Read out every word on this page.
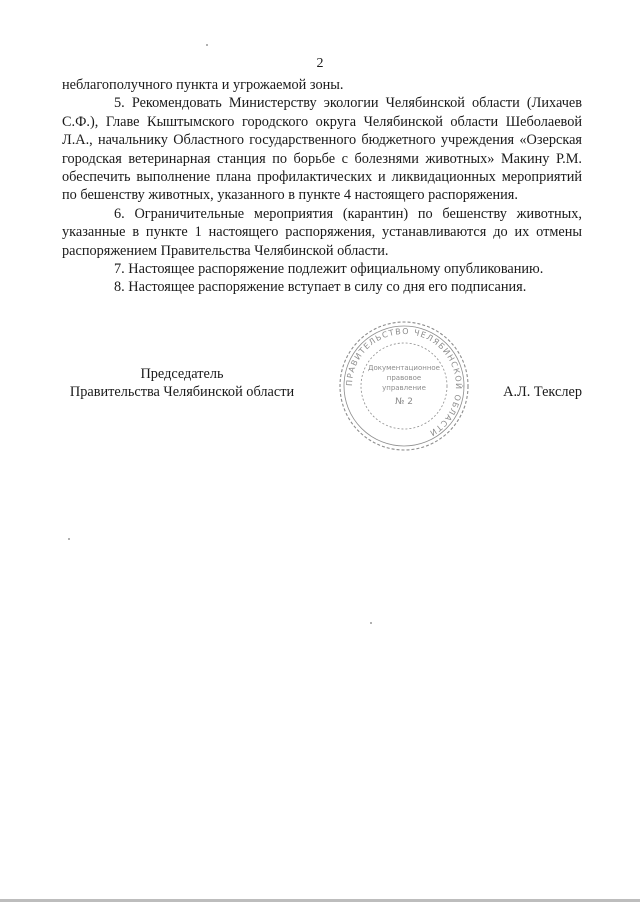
2

неблагополучного пункта и угрожаемой зоны.

5. Рекомендовать Министерству экологии Челябинской области (Лихачев С.Ф.), Главе Кыштымского городского округа Челябинской области Шеболаевой Л.А., начальнику Областного государственного бюджетного учреждения «Озерская городская ветеринарная станция по борьбе с болезнями животных» Макину Р.М. обеспечить выполнение плана профилактических и ликвидационных мероприятий по бешенству животных, указанного в пункте 4 настоящего распоряжения.

6. Ограничительные мероприятия (карантин) по бешенству животных, указанные в пункте 1 настоящего распоряжения, устанавливаются до их отмены распоряжением Правительства Челябинской области.

7. Настоящее распоряжение подлежит официальному опубликованию.

8. Настоящее распоряжение вступает в силу со дня его подписания.

Председатель
Правительства Челябинской области
ПРАВИТЕЛЬСТВО ЧЕЛЯБИНСКОЙ ОБЛАСТИ
Документационное
правовое
управление
№ 2
А.Л. Текслер
